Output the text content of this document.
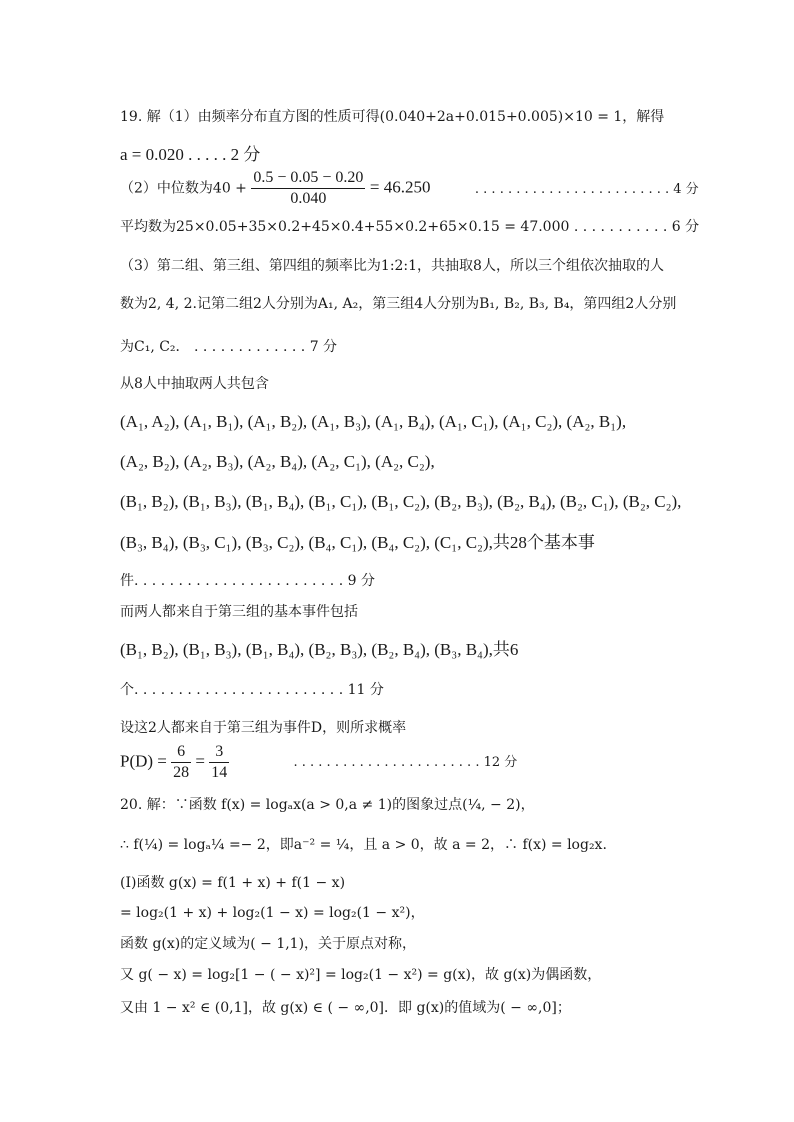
19. 解（1）由频率分布直方图的性质可得(0.040+2a+0.015+0.005)×10 = 1，解得
a = 0.020 . . . . . 2 分
（2）中位数为$40 + \frac{0.5 - 0.05 - 0.20}{0.040} = 46.250$	. . . . . . . . . . . . . . . . . . . . . . . . 4 分
平均数为25×0.05+35×0.2+45×0.4+55×0.2+65×0.15 = 47.000 . . . . . . . . . . . 6 分
（3）第二组、第三组、第四组的频率比为1:2:1，共抽取8人，所以三个组依次抽取的人
数为2, 4, 2.记第二组2人分别为A₁, A₂，第三组4人分别为B₁, B₂, B₃, B₄，第四组2人分别
为C₁, C₂． . . . . . . . . . . . . . 7 分
从8人中抽取两人共包含
(A₁, A₂), (A₁, B₁), (A₁, B₂), (A₁, B₃), (A₁, B₄), (A₁, C₁), (A₁, C₂), (A₂, B₁),
(A₂, B₂), (A₂, B₃), (A₂, B₄), (A₂, C₁), (A₂, C₂),
(B₁, B₂), (B₁, B₃), (B₁, B₄), (B₁, C₁), (B₁, C₂), (B₂, B₃), (B₂, B₄), (B₂, C₁), (B₂, C₂),
(B₃, B₄), (B₃, C₁), (B₃, C₂), (B₄, C₁), (B₄, C₂), (C₁, C₂),共28个基本事
件. . . . . . . . . . . . . . . . . . . . . . . . 9 分
而两人都来自于第三组的基本事件包括
(B₁, B₂), (B₁, B₃), (B₁, B₄), (B₂, B₃), (B₂, B₄), (B₃, B₄),共6
个. . . . . . . . . . . . . . . . . . . . . . . . 11 分
设这2人都来自于第三组为事件D，则所求概率
$P(D) = \frac{6}{28} = \frac{3}{14}$	. . . . . . . . . . . . . . . . . . . . . . . 12 分
20. 解：∵函数 f(x) = logₐx(a > 0,a ≠ 1)的图象过点(¼, − 2)，
∴ f(¼) = logₐ¼ =− 2，即a⁻² = ¼，且 a > 0，故 a = 2，∴ f(x) = log₂x.
(Ⅰ)函数 g(x) = f(1 + x) + f(1 − x)
= log₂(1 + x) + log₂(1 − x) = log₂(1 − x²)，
函数 g(x)的定义域为( − 1,1)，关于原点对称，
又 g( − x) = log₂[1 − ( − x)²] = log₂(1 − x²) = g(x)，故 g(x)为偶函数，
又由 1 − x² ∈ (0,1]，故 g(x) ∈ ( − ∞,0]．即 g(x)的值域为( − ∞,0]；
